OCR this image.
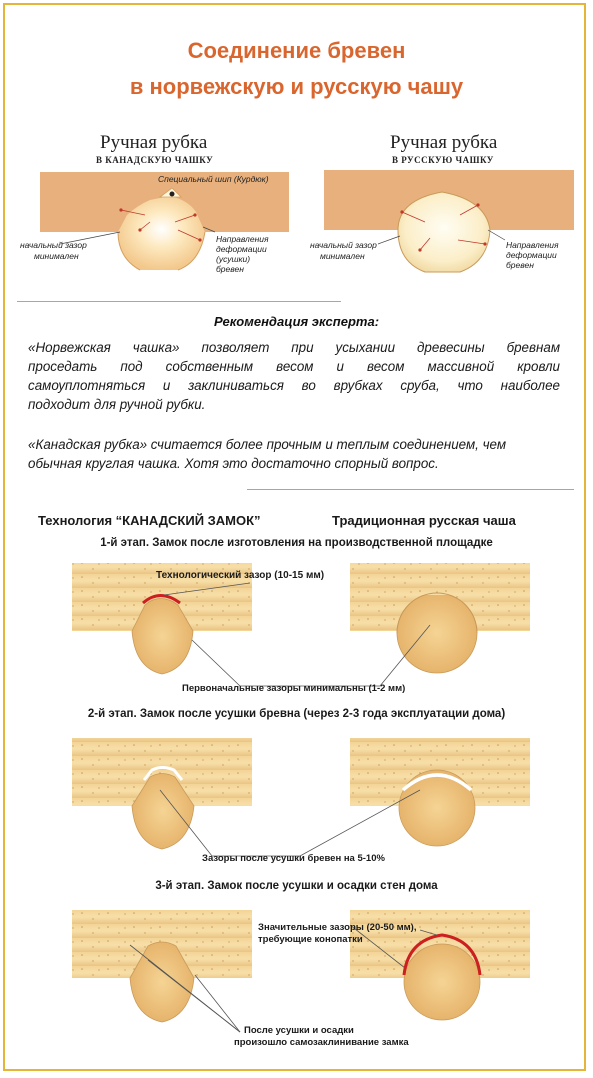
Соединение бревен
в норвежскую и русскую чашу
Ручная рубка
В КАНАДСКУЮ ЧАШКУ
Ручная рубка
В РУССКУЮ ЧАШКУ
Специальный шип (Курдюк)
начальный зазор
минимален
Направления
деформации
(усушки)
бревен
начальный зазор
минимален
Направления
деформации
бревен
Рекомендация эксперта:
«Норвежская чашка» позволяет при усыхании древесины бревнам
проседать под собственным весом и весом массивной кровли
самоуплотняться и заклиниваться во врубках сруба, что наиболее
подходит для ручной рубки.
«Канадская рубка» считается более прочным и теплым соединением, чем
обычная круглая чашка. Хотя это достаточно спорный вопрос.
Технология “КАНАДСКИЙ ЗАМОК”	Традиционная русская чаша
1-й этап. Замок после изготовления на производственной площадке
Технологический зазор (10-15 мм)
Первоначальные зазоры минимальны (1-2 мм)
2-й этап. Замок после усушки бревна (через 2-3 года эксплуатации дома)
Зазоры после усушки бревен на 5-10%
3-й этап. Замок после усушки и осадки стен дома
Значительные зазоры (20-50 мм),
требующие конопатки
После усушки и осадки
произошло самозаклинивание замка
